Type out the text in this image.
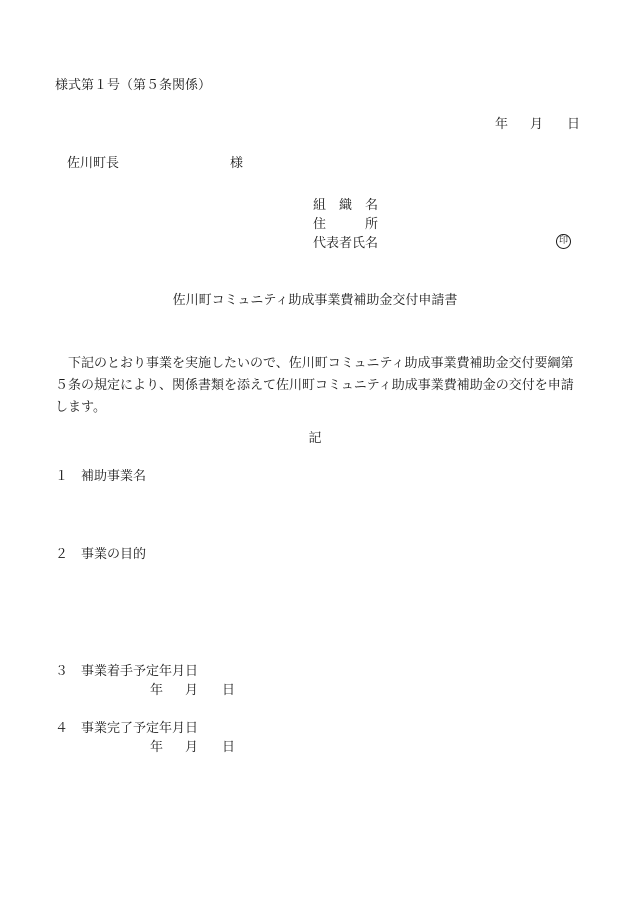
様式第１号（第５条関係）
年 月 日
佐川町長	様
組　織　名
住　　　所
代表者氏名	印
佐川町コミュニティ助成事業費補助金交付申請書
　下記のとおり事業を実施したいので、佐川町コミュニティ助成事業費補助金交付要綱第５条の規定により、関係書類を添えて佐川町コミュニティ助成事業費補助金の交付を申請します。
記
１ 補助事業名
２ 事業の目的
３ 事業着手予定年月日
年 月 日
４ 事業完了予定年月日
年 月 日
